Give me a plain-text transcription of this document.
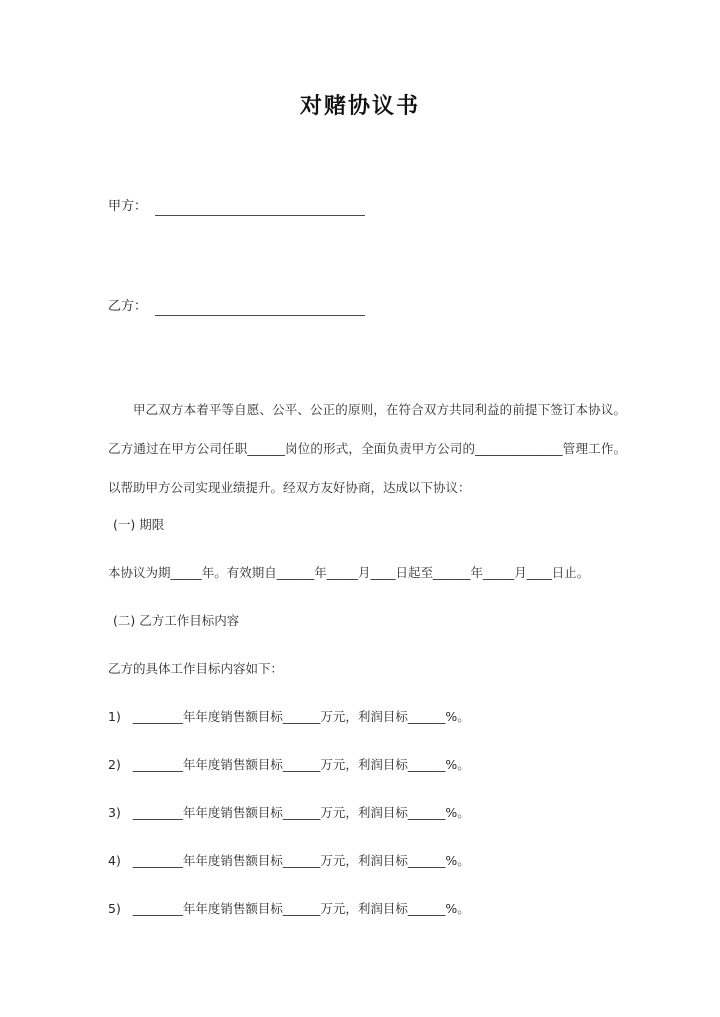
对赌协议书
甲方：
乙方：

甲乙双方本着平等自愿、公平、公正的原则，在符合双方共同利益的前提下签订本协议。乙方通过在甲方公司任职______岗位的形式，全面负责甲方公司的______________管理工作。以帮助甲方公司实现业绩提升。经双方友好协商，达成以下协议：

(一) 期限
本协议为期_____年。有效期自______年_____月____日起至______年_____月____日止。
(二) 乙方工作目标内容
乙方的具体工作目标内容如下：
1) ________年年度销售额目标______万元，利润目标______%。
2) ________年年度销售额目标______万元，利润目标______%。
3) ________年年度销售额目标______万元，利润目标______%。
4) ________年年度销售额目标______万元，利润目标______%。
5) ________年年度销售额目标______万元，利润目标______%。
